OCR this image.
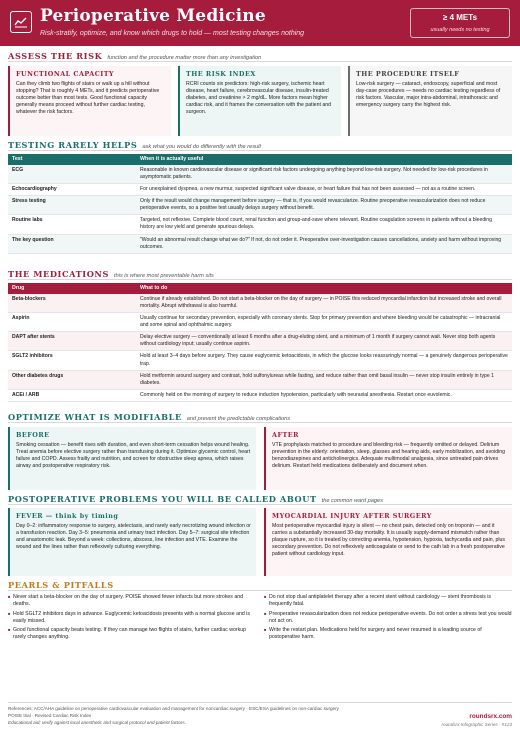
Perioperative Medicine
Risk-stratify, optimize, and know which drugs to hold — most testing changes nothing
≥ 4 METs
usually needs no testing
ASSESS THE RISK function and the procedure matter more than any investigation
FUNCTIONAL CAPACITY

Can they climb two flights of stairs or walk up a hill without stopping? That is roughly 4 METs, and it predicts perioperative outcome better than most tests. Good functional capacity generally means proceed without further cardiac testing, whatever the risk factors.

THE RISK INDEX

RCRI counts six predictors: high-risk surgery, ischemic heart disease, heart failure, cerebrovascular disease, insulin-treated diabetes, and creatinine > 2 mg/dL. More factors mean higher cardiac risk, and it frames the conversation with the patient and surgeon.

THE PROCEDURE ITSELF

Low-risk surgery — cataract, endoscopy, superficial and most day-case procedures — needs no cardiac testing regardless of risk factors. Vascular, major intra-abdominal, intrathoracic and emergency surgery carry the highest risk.

TESTING RARELY HELPS ask what you would do differently with the result
Test	When it is actually useful
ECG	Reasonable in known cardiovascular disease or significant risk factors undergoing anything beyond low-risk surgery. Not needed for low-risk procedures in asymptomatic patients.
Echocardiography	For unexplained dyspnea, a new murmur, suspected significant valve disease, or heart failure that has not been assessed — not as a routine screen.
Stress testing	Only if the result would change management before surgery — that is, if you would revascularize. Routine preoperative revascularization does not reduce perioperative events, so a positive test usually delays surgery without benefit.
Routine labs	Targeted, not reflexive. Complete blood count, renal function and group-and-save where relevant. Routine coagulation screens in patients without a bleeding history are low yield and generate spurious delays.
The key question	"Would an abnormal result change what we do?" If not, do not order it. Preoperative over-investigation causes cancellations, anxiety and harm without improving outcomes.
THE MEDICATIONS this is where most preventable harm sits
Drug	What to do
Beta-blockers	Continue if already established. Do not start a beta-blocker on the day of surgery — in POISE this reduced myocardial infarction but increased stroke and overall mortality. Abrupt withdrawal is also harmful.
Aspirin	Usually continue for secondary prevention, especially with coronary stents. Stop for primary prevention and where bleeding would be catastrophic — intracranial and some spinal and ophthalmic surgery.
DAPT after stents	Delay elective surgery — conventionally at least 6 months after a drug-eluting stent, and a minimum of 1 month if surgery cannot wait. Never stop both agents without cardiology input; usually continue aspirin.
SGLT2 inhibitors	Hold at least 3–4 days before surgery. They cause euglycemic ketoacidosis, in which the glucose looks reassuringly normal — a genuinely dangerous perioperative trap.
Other diabetes drugs	Hold metformin around surgery and contrast, hold sulfonylureas while fasting, and reduce rather than omit basal insulin — never stop insulin entirely in type 1 diabetes.
ACEi / ARB	Commonly held on the morning of surgery to reduce induction hypotension, particularly with neuraxial anesthesia. Restart once euvolemic.
OPTIMIZE WHAT IS MODIFIABLE and prevent the predictable complications
BEFORE

Smoking cessation — benefit rises with duration, and even short-term cessation helps wound healing. Treat anemia before elective surgery rather than transfusing during it. Optimize glycemic control, heart failure and COPD. Assess frailty and nutrition, and screen for obstructive sleep apnea, which raises airway and postoperative respiratory risk.

AFTER

VTE prophylaxis matched to procedure and bleeding risk — frequently omitted or delayed. Delirium prevention in the elderly: orientation, sleep, glasses and hearing aids, early mobilization, and avoiding benzodiazepines and anticholinergics. Adequate multimodal analgesia, since untreated pain drives delirium. Restart held medications deliberately and document when.

POSTOPERATIVE PROBLEMS YOU WILL BE CALLED ABOUT the common ward pages
FEVER — think by timing

Day 0–2: inflammatory response to surgery, atelectasis, and rarely early necrotizing wound infection or a transfusion reaction. Day 3–5: pneumonia and urinary tract infection. Day 5–7: surgical site infection and anastomotic leak. Beyond a week: collections, abscess, line infection and VTE. Examine the wound and the lines rather than reflexively culturing everything.

MYOCARDIAL INJURY AFTER SURGERY

Most perioperative myocardial injury is silent — no chest pain, detected only on troponin — and it carries a substantially increased 30-day mortality. It is usually supply-demand mismatch rather than plaque rupture, so it is treated by correcting anemia, hypotension, hypoxia, tachycardia and pain, plus secondary prevention. Do not reflexively anticoagulate or send to the cath lab in a fresh postoperative patient without cardiology input.

PEARLS & PITFALLS
■ Never start a beta-blocker on the day of surgery. POISE showed fewer infarcts but more strokes and deaths.
■ Hold SGLT2 inhibitors days in advance. Euglycemic ketoacidosis presents with a normal glucose and is easily missed.
■ Good functional capacity beats testing. If they can manage two flights of stairs, further cardiac workup rarely changes anything.
■ Do not stop dual antiplatelet therapy after a recent stent without cardiology — stent thrombosis is frequently fatal.
■ Preoperative revascularization does not reduce perioperative events. Do not order a stress test you would not act on.
■ Write the restart plan. Medications held for surgery and never resumed is a leading source of postoperative harm.
References: ACC/AHA guideline on perioperative cardiovascular evaluation and management for noncardiac surgery · ESC/ESA guidelines on non-cardiac surgery
POISE trial · Revised Cardiac Risk Index
Educational aid; verify against local anesthetic and surgical protocol and patient factors.
roundsrx.com
roundsrx Infographic Series · #123
